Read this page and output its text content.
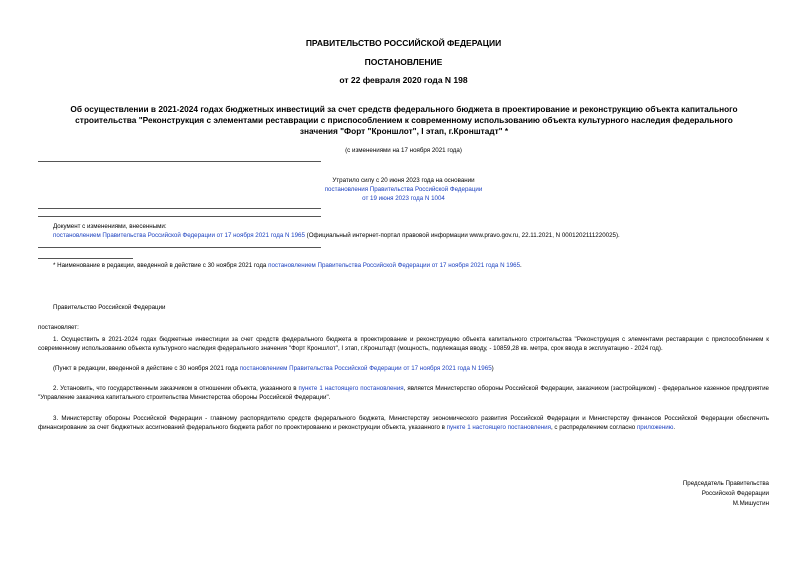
ПРАВИТЕЛЬСТВО РОССИЙСКОЙ ФЕДЕРАЦИИ
ПОСТАНОВЛЕНИЕ
от 22 февраля 2020 года N 198
Об осуществлении в 2021-2024 годах бюджетных инвестиций за счет средств федерального бюджета в проектирование и реконструкцию объекта капитального
строительства "Реконструкция с элементами реставрации с приспособлением к современному использованию объекта культурного наследия федерального
значения "Форт "Кроншлот", I этап, г.Кронштадт" *
(с изменениями на 17 ноября 2021 года)
Утратило силу с 20 июня 2023 года на основании
постановления Правительства Российской Федерации
от 19 июня 2023 года N 1004
Документ с изменениями, внесенными:
постановлением Правительства Российской Федерации от 17 ноября 2021 года N 1965 (Официальный интернет-портал правовой информации www.pravo.gov.ru, 22.11.2021, N 0001202111220025).
* Наименование в редакции, введенной в действие с 30 ноября 2021 года постановлением Правительства Российской Федерации от 17 ноября 2021 года N 1965.
Правительство Российской Федерации
постановляет:
1. Осуществить в 2021-2024 годах бюджетные инвестиции за счет средств федерального бюджета в проектирование и реконструкцию объекта капитального строительства "Реконструкция с элементами реставрации с приспособлением к современному использованию объекта культурного наследия федерального значения "Форт Кроншлот", I этап, г.Кронштадт (мощность, подлежащая вводу, - 10859,28 кв. метра, срок ввода в эксплуатацию - 2024 год).
(Пункт в редакции, введенной в действие с 30 ноября 2021 года постановлением Правительства Российской Федерации от 17 ноября 2021 года N 1965)
2. Установить, что государственным заказчиком в отношении объекта, указанного в пункте 1 настоящего постановления, является Министерство обороны Российской Федерации, заказчиком (застройщиком) - федеральное казенное предприятие "Управление заказчика капитального строительства Министерства обороны Российской Федерации".
3. Министерству обороны Российской Федерации - главному распорядителю средств федерального бюджета, Министерству экономического развития Российской Федерации и Министерству финансов Российской Федерации обеспечить финансирование за счет бюджетных ассигнований федерального бюджета работ по проектированию и реконструкции объекта, указанного в пункте 1 настоящего постановления, с распределением согласно приложению.
Председатель Правительства
Российской Федерации
М.Мишустин
